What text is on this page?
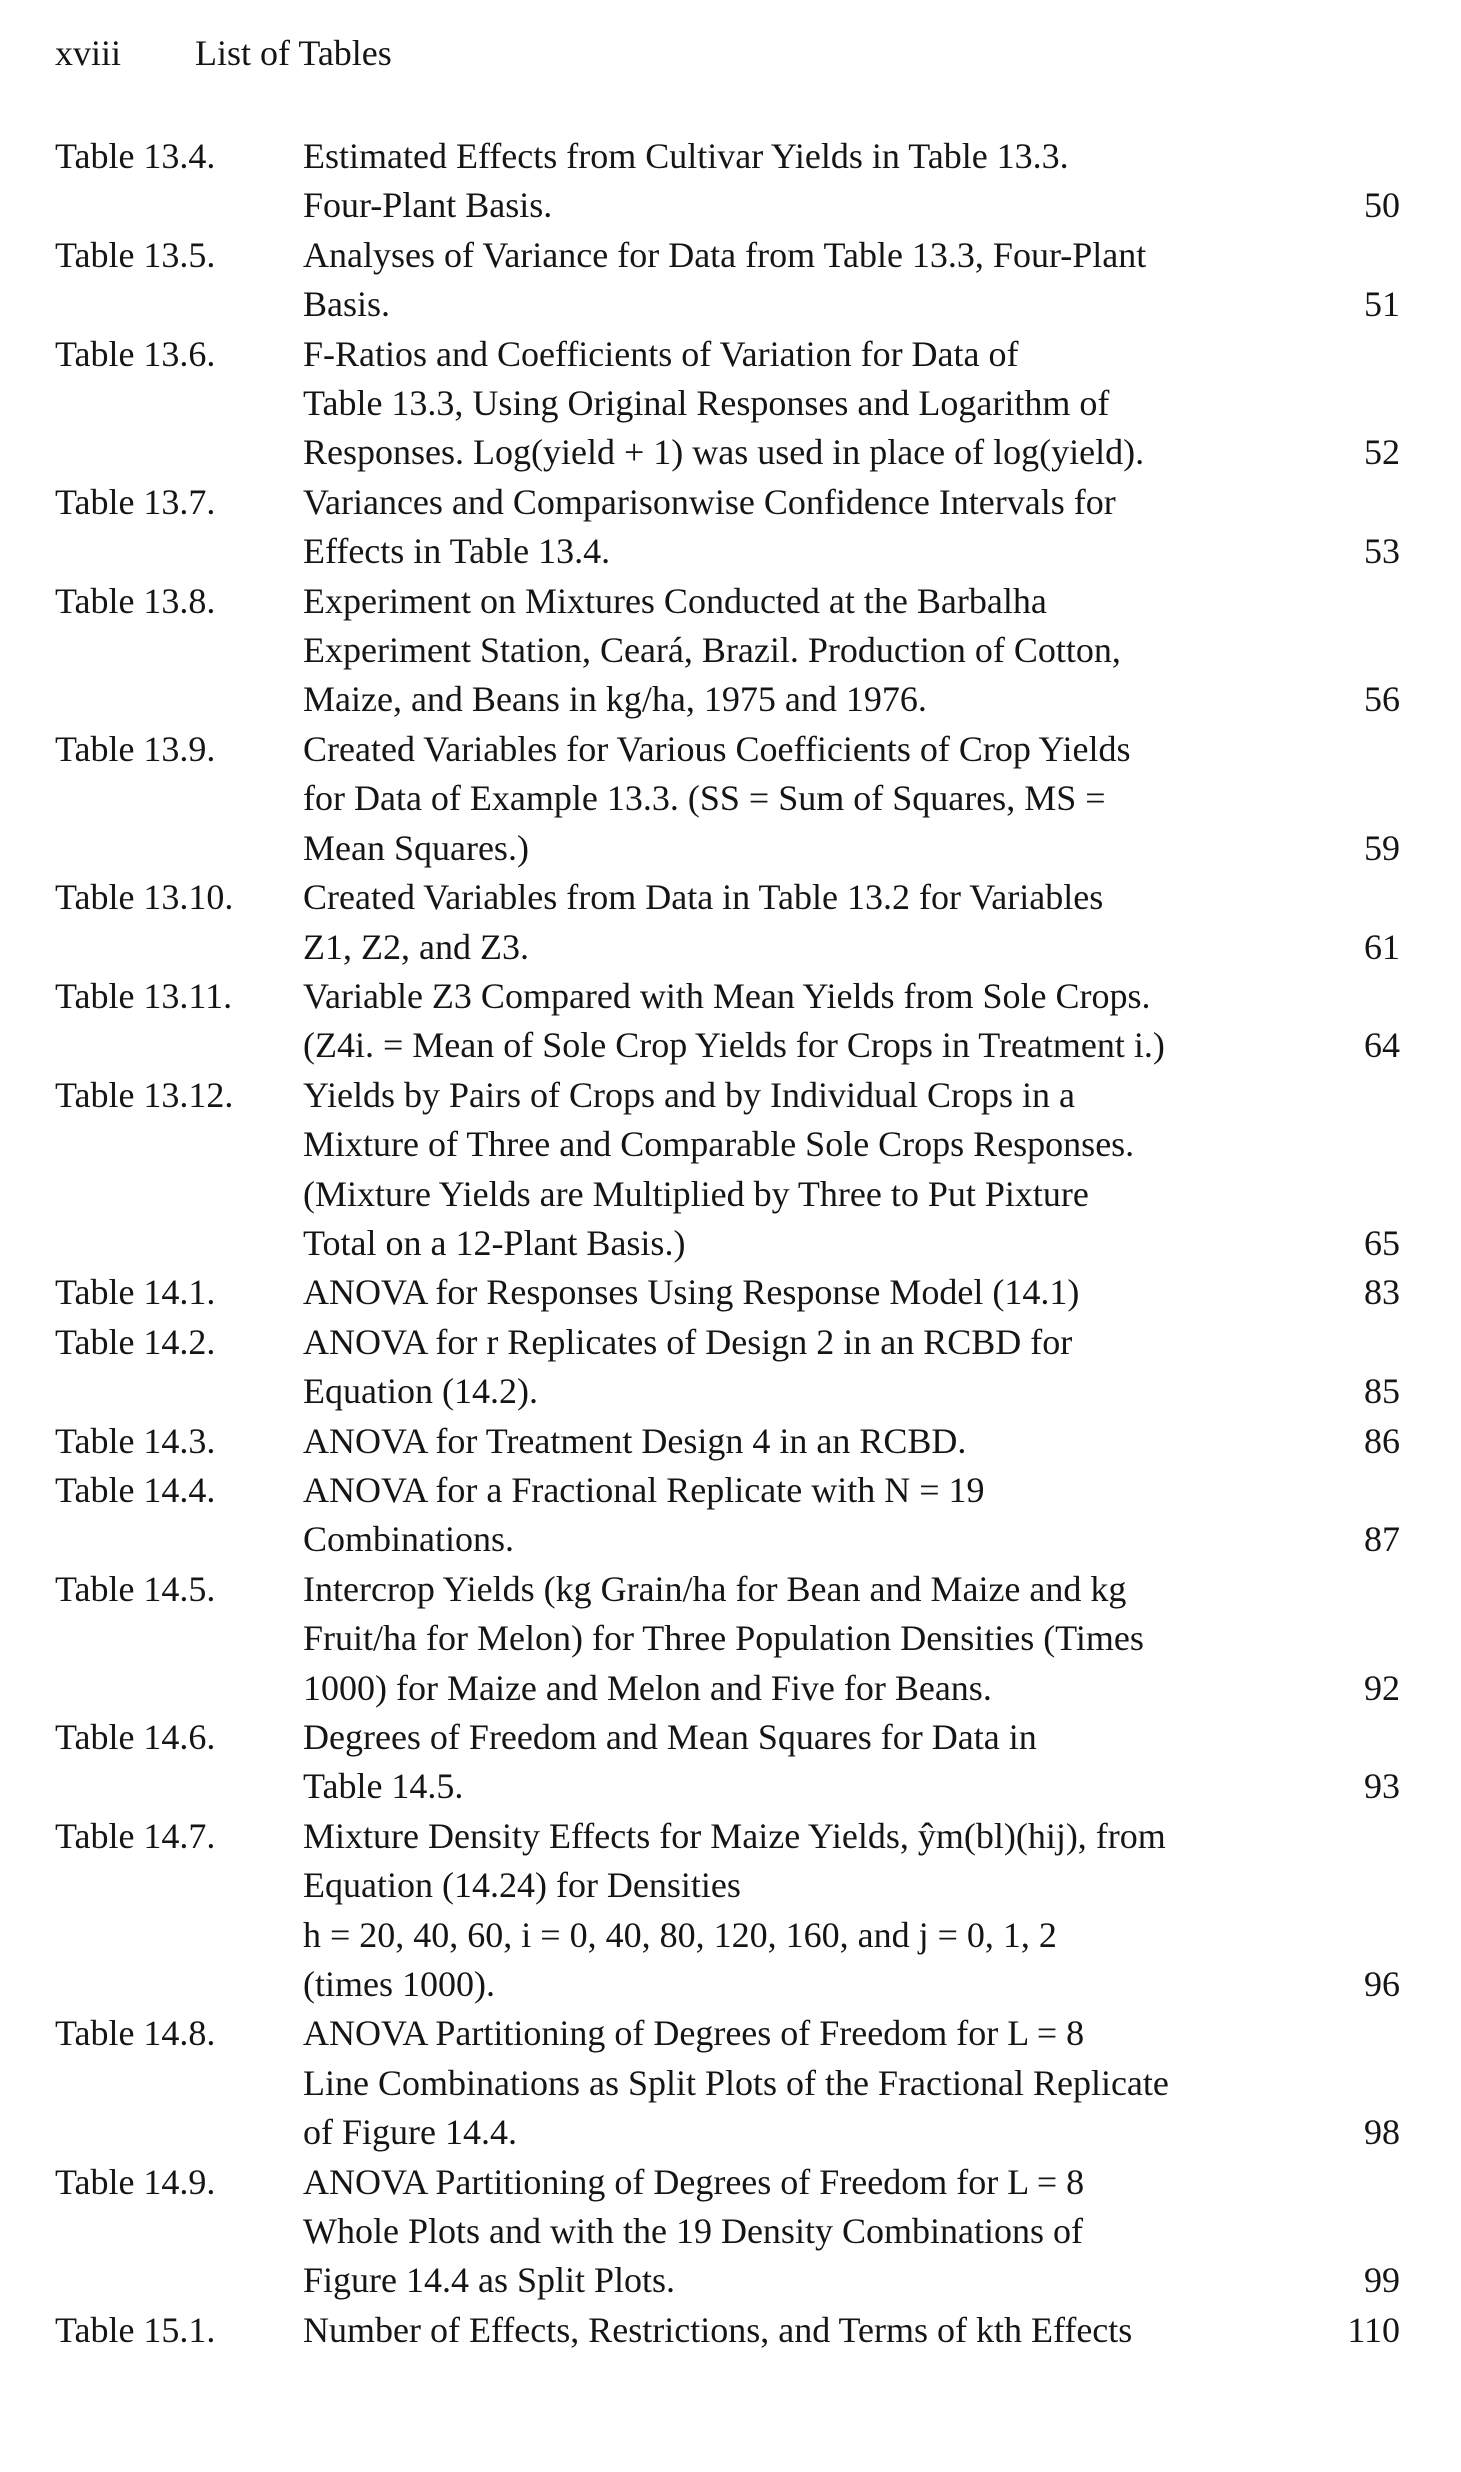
xviii List of Tables
Table 13.4.	Estimated Effects from Cultivar Yields in Table 13.3.
Four-Plant Basis.	50
Table 13.5.	Analyses of Variance for Data from Table 13.3, Four-Plant
Basis.	51
Table 13.6.	F-Ratios and Coefficients of Variation for Data of
Table 13.3, Using Original Responses and Logarithm of
Responses. Log(yield + 1) was used in place of log(yield).	52
Table 13.7.	Variances and Comparisonwise Confidence Intervals for
Effects in Table 13.4.	53
Table 13.8.	Experiment on Mixtures Conducted at the Barbalha
Experiment Station, Ceará, Brazil. Production of Cotton,
Maize, and Beans in kg/ha, 1975 and 1976.	56
Table 13.9.	Created Variables for Various Coefficients of Crop Yields
for Data of Example 13.3. (SS = Sum of Squares, MS =
Mean Squares.)	59
Table 13.10.	Created Variables from Data in Table 13.2 for Variables
Z1, Z2, and Z3.	61
Table 13.11.	Variable Z3 Compared with Mean Yields from Sole Crops.
(Z4i. = Mean of Sole Crop Yields for Crops in Treatment i.)	64
Table 13.12.	Yields by Pairs of Crops and by Individual Crops in a
Mixture of Three and Comparable Sole Crops Responses.
(Mixture Yields are Multiplied by Three to Put Pixture
Total on a 12-Plant Basis.)	65
Table 14.1.	ANOVA for Responses Using Response Model (14.1)	83
Table 14.2.	ANOVA for r Replicates of Design 2 in an RCBD for
Equation (14.2).	85
Table 14.3.	ANOVA for Treatment Design 4 in an RCBD.	86
Table 14.4.	ANOVA for a Fractional Replicate with N = 19
Combinations.	87
Table 14.5.	Intercrop Yields (kg Grain/ha for Bean and Maize and kg
Fruit/ha for Melon) for Three Population Densities (Times
1000) for Maize and Melon and Five for Beans.	92
Table 14.6.	Degrees of Freedom and Mean Squares for Data in
Table 14.5.	93
Table 14.7.	Mixture Density Effects for Maize Yields, ŷm(bl)(hij), from
Equation (14.24) for Densities
h = 20, 40, 60, i = 0, 40, 80, 120, 160, and j = 0, 1, 2
(times 1000).	96
Table 14.8.	ANOVA Partitioning of Degrees of Freedom for L = 8
Line Combinations as Split Plots of the Fractional Replicate
of Figure 14.4.	98
Table 14.9.	ANOVA Partitioning of Degrees of Freedom for L = 8
Whole Plots and with the 19 Density Combinations of
Figure 14.4 as Split Plots.	99
Table 15.1.	Number of Effects, Restrictions, and Terms of kth Effects	110
